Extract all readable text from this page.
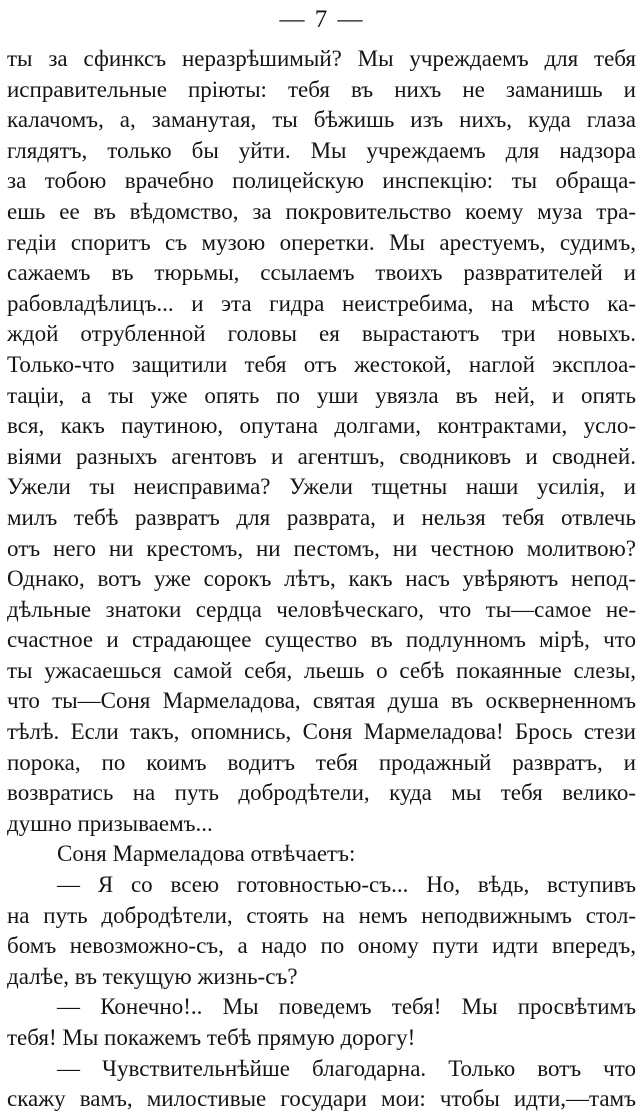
— 7 —
ты за сфинксъ неразрѣшимый? Мы учреждаемъ для тебя
исправительные пріюты: тебя въ нихъ не заманишь и
калачомъ, а, заманутая, ты бѣжишь изъ нихъ, куда глаза
глядятъ, только бы уйти. Мы учреждаемъ для надзора
за тобою врачебно полицейскую инспекцію: ты обраща-
ешь ее въ вѣдомство, за покровительство коему муза тра-
гедіи споритъ съ музою оперетки. Мы арестуемъ, судимъ,
сажаемъ въ тюрьмы, ссылаемъ твоихъ развратителей и
рабовладѣлицъ... и эта гидра неистребима, на мѣсто ка-
ждой отрубленной головы ея вырастаютъ три новыхъ.
Только-что защитили тебя отъ жестокой, наглой эксплоа-
таціи, а ты уже опять по уши увязла въ ней, и опять
вся, какъ паутиною, опутана долгами, контрактами, усло-
віями разныхъ агентовъ и агентшъ, сводниковъ и сводней.
Ужели ты неисправима? Ужели тщетны наши усилія, и
милъ тебѣ развратъ для разврата, и нельзя тебя отвлечь
отъ него ни крестомъ, ни пестомъ, ни честною молитвою?
Однако, вотъ уже сорокъ лѣтъ, какъ насъ увѣряютъ непод-
дѣльные знатоки сердца человѣческаго, что ты—самое не-
счастное и страдающее существо въ подлунномъ мірѣ, что
ты ужасаешься самой себя, льешь о себѣ покаянные слезы,
что ты—Соня Мармеладова, святая душа въ оскверненномъ
тѣлѣ. Если такъ, опомнись, Соня Мармеладова! Брось стези
порока, по коимъ водитъ тебя продажный развратъ, и
возвратись на путь добродѣтели, куда мы тебя велико-
душно призываемъ...
Соня Мармеладова отвѣчаетъ:
— Я со всею готовностью-съ... Но, вѣдь, вступивъ
на путь добродѣтели, стоять на немъ неподвижнымъ стол-
бомъ невозможно-съ, а надо по оному пути идти впередъ,
далѣе, въ текущую жизнь-съ?
— Конечно!.. Мы поведемъ тебя! Мы просвѣтимъ
тебя! Мы покажемъ тебѣ прямую дорогу!
— Чувствительнѣйше благодарна. Только вотъ что
скажу вамъ, милостивые государи мои: чтобы идти,—тамъ
